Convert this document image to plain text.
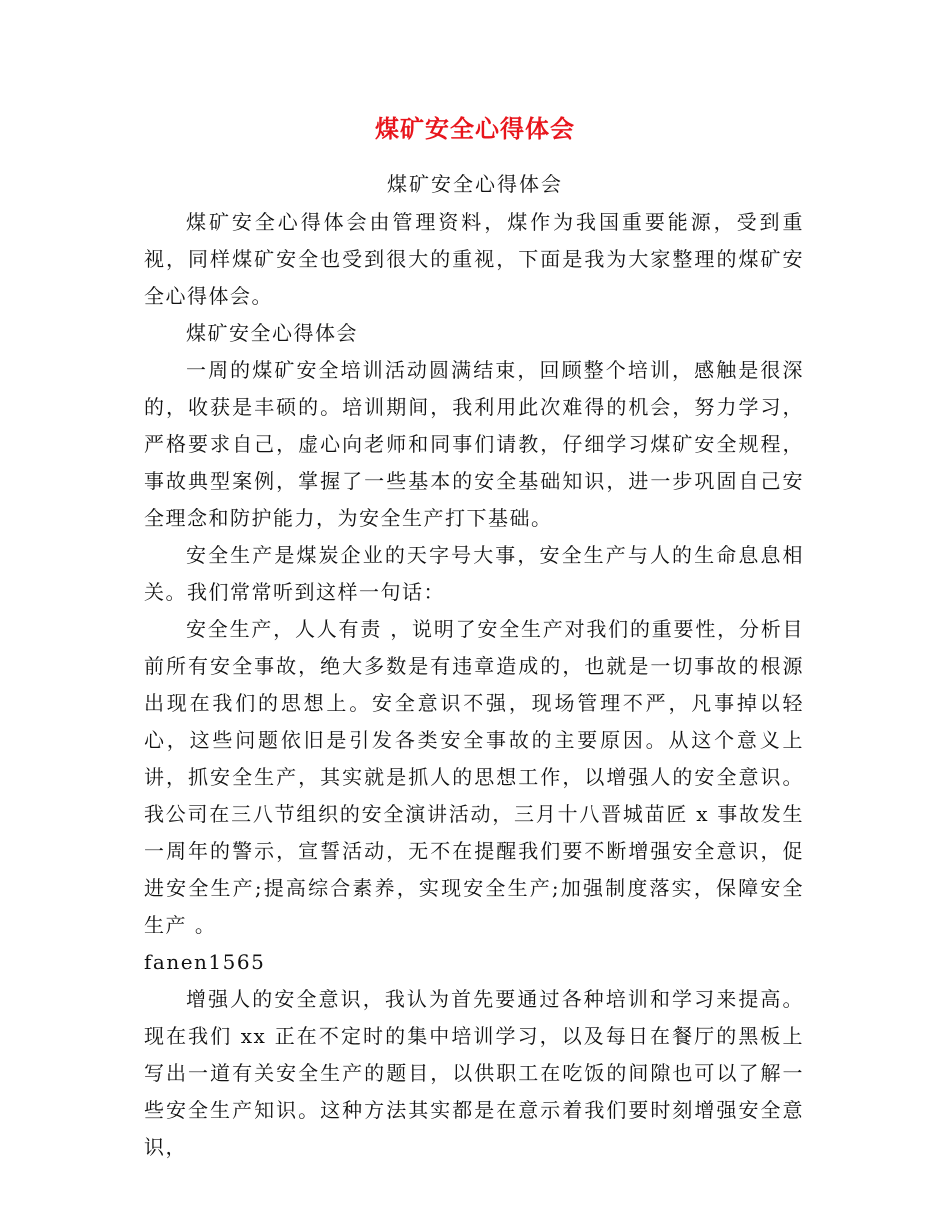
煤矿安全心得体会
煤矿安全心得体会

煤矿安全心得体会由管理资料，煤作为我国重要能源，受到重视，同样煤矿安全也受到很大的重视，下面是我为大家整理的煤矿安全心得体会。

煤矿安全心得体会

一周的煤矿安全培训活动圆满结束，回顾整个培训，感触是很深的，收获是丰硕的。培训期间，我利用此次难得的机会，努力学习，严格要求自己，虚心向老师和同事们请教，仔细学习煤矿安全规程，事故典型案例，掌握了一些基本的安全基础知识，进一步巩固自己安全理念和防护能力，为安全生产打下基础。

安全生产是煤炭企业的天字号大事，安全生产与人的生命息息相关。我们常常听到这样一句话：

安全生产，人人有责 ，说明了安全生产对我们的重要性，分析目前所有安全事故，绝大多数是有违章造成的，也就是一切事故的根源出现在我们的思想上。安全意识不强，现场管理不严，凡事掉以轻心，这些问题依旧是引发各类安全事故的主要原因。从这个意义上讲，抓安全生产，其实就是抓人的思想工作，以增强人的安全意识。我公司在三八节组织的安全演讲活动，三月十八晋城苗匠 x 事故发生一周年的警示，宣誓活动，无不在提醒我们要不断增强安全意识，促进安全生产;提高综合素养，实现安全生产;加强制度落实，保障安全生产 。

fanen1565

增强人的安全意识，我认为首先要通过各种培训和学习来提高。现在我们 xx 正在不定时的集中培训学习，以及每日在餐厅的黑板上写出一道有关安全生产的题目，以供职工在吃饭的间隙也可以了解一些安全生产知识。这种方法其实都是在意示着我们要时刻增强安全意识，
